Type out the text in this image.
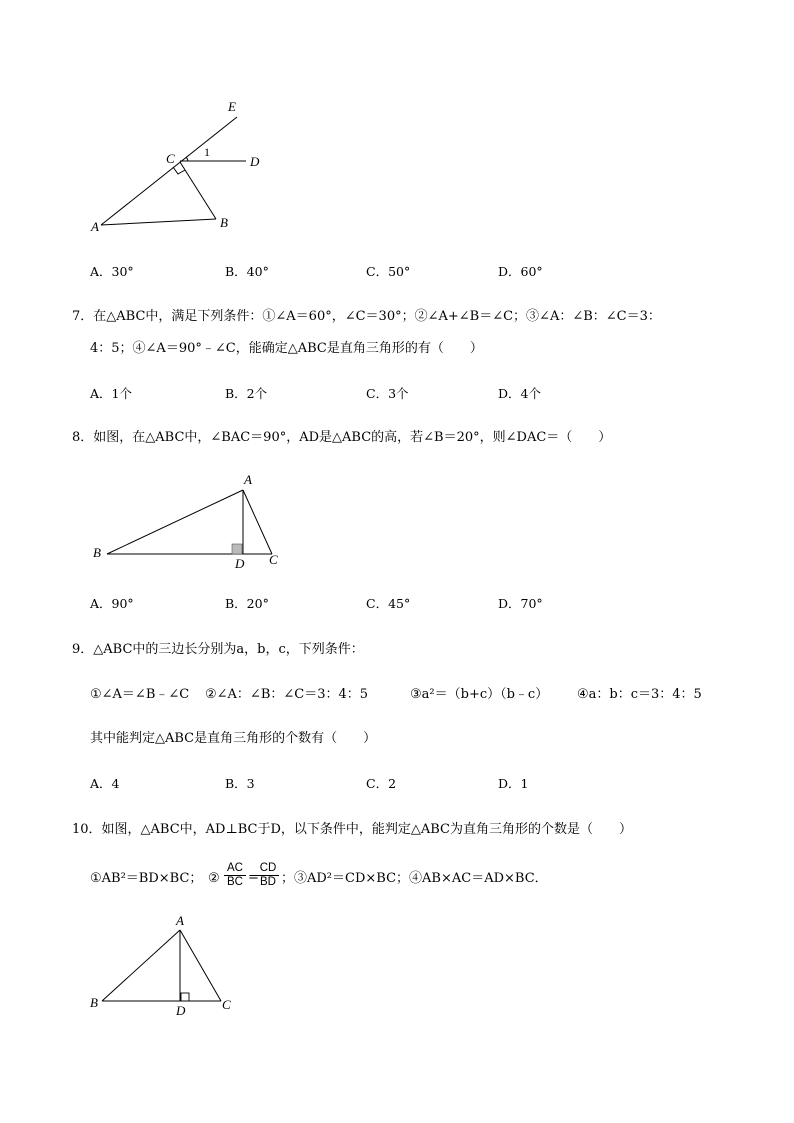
E
C 1
D
A	B
A．30°	B．40°	C．50°	D．60°
7．在△ABC中，满足下列条件：①∠A＝60°，∠C＝30°；②∠A+∠B＝∠C；③∠A：∠B：∠C＝3：
4：5；④∠A＝90°﹣∠C，能确定△ABC是直角三角形的有（　　）
A．1个	B．2个	C．3个	D．4个
8．如图，在△ABC中，∠BAC＝90°，AD是△ABC的高，若∠B＝20°，则∠DAC＝（　　）
A
B
D C
A．90°	B．20°	C．45°	D．70°
9．△ABC中的三边长分别为a，b，c，下列条件：
①∠A＝∠B﹣∠C ②∠A：∠B：∠C＝3：4：5	③a²＝（b+c）（b﹣c） ④a：b：c＝3：4：5
其中能判定△ABC是直角三角形的个数有（　　）
A．4	B．3	C．2	D．1
10．如图，△ABC中，AD⊥BC于D，以下条件中，能判定△ABC为直角三角形的个数是（　　）
①AB²＝BD×BC； ② $\frac{AC}{BC}$ =
$\frac{CD}{BD}$ ；③AD²＝CD×BC；④AB×AC＝AD×BC．
A
B
D	C
